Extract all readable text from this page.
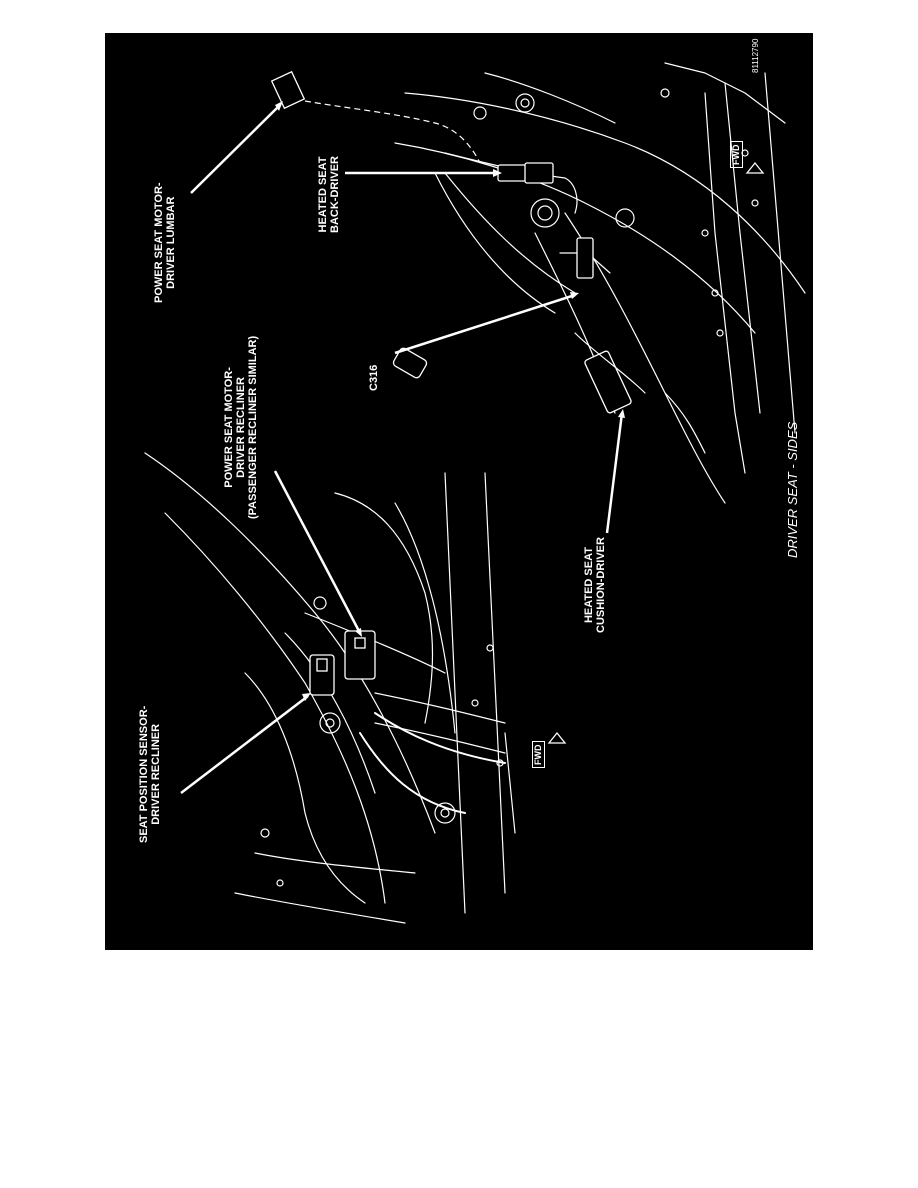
POWER SEAT MOTOR- DRIVER LUMBAR
POWER SEAT MOTOR- DRIVER RECLINER (PASSENGER RECLINER SIMILAR)
SEAT POSITION SENSOR- DRIVER RECLINER
C316
HEATED SEAT BACK-DRIVER
HEATED SEAT CUSHION-DRIVER
DRIVER SEAT - SIDES
81112790
FWD
FWD
